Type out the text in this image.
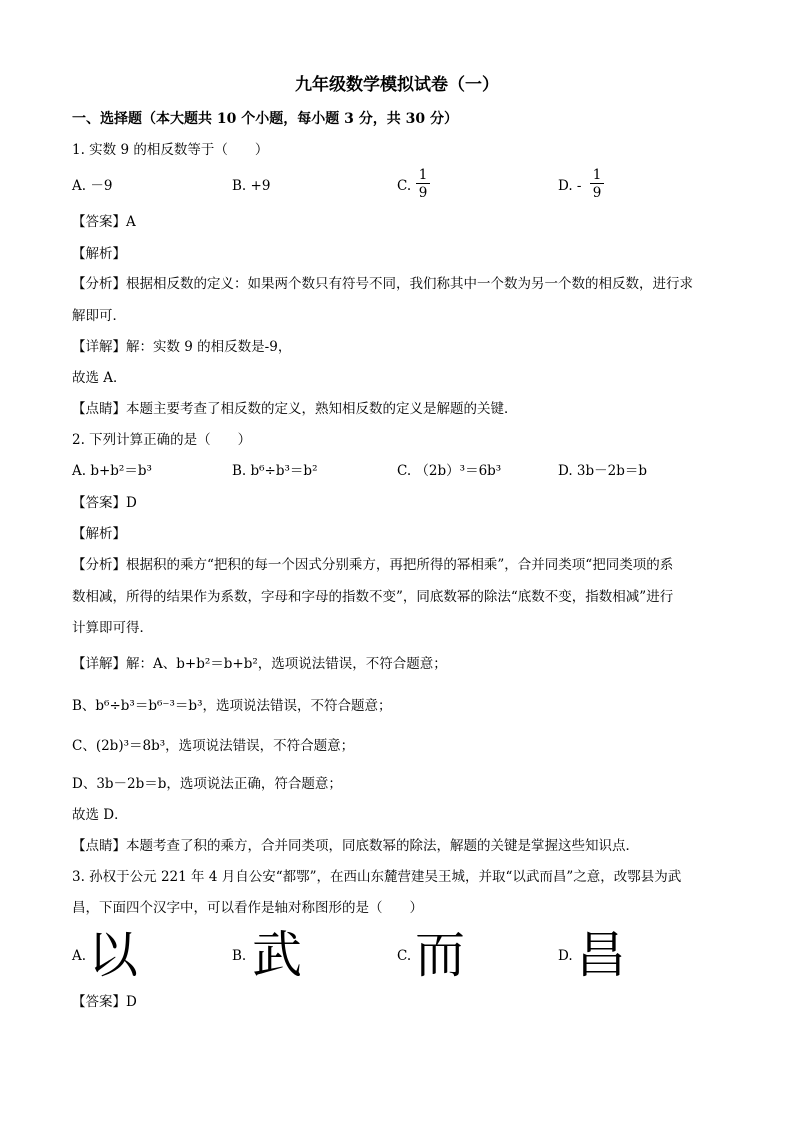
九年级数学模拟试卷（一）
一、选择题（本大题共 10 个小题，每小题 3 分，共 30 分）
1. 实数 9 的相反数等于（　　）
A. －9	B. +9	C.
1
9	D. -
1
9
【答案】A
【解析】
【分析】根据相反数的定义：如果两个数只有符号不同，我们称其中一个数为另一个数的相反数，进行求
解即可．
【详解】解：实数 9 的相反数是-9，
故选 A．
【点睛】本题主要考查了相反数的定义，熟知相反数的定义是解题的关键．
2. 下列计算正确的是（　　）
A. b+b²＝b³	B. b⁶÷b³＝b²	C. （2b）³＝6b³	D. 3b－2b＝b
【答案】D
【解析】
【分析】根据积的乘方“把积的每一个因式分别乘方，再把所得的幂相乘”，合并同类项“把同类项的系
数相减，所得的结果作为系数，字母和字母的指数不变”，同底数幂的除法“底数不变，指数相减”进行
计算即可得．
【详解】解：A、b+b²＝b+b²，选项说法错误，不符合题意；
B、b⁶÷b³＝b⁶⁻³＝b³，选项说法错误，不符合题意；
C、(2b)³＝8b³，选项说法错误，不符合题意；
D、3b－2b＝b，选项说法正确，符合题意；
故选 D．
【点睛】本题考查了积的乘方，合并同类项，同底数幂的除法，解题的关键是掌握这些知识点．
3. 孙权于公元 221 年 4 月自公安“都鄂”，在西山东麓营建吴王城，并取“以武而昌”之意，改鄂县为武
昌，下面四个汉字中，可以看作是轴对称图形的是（　　）
A. 以	B. 武	C. 而	D. 昌
【答案】D
